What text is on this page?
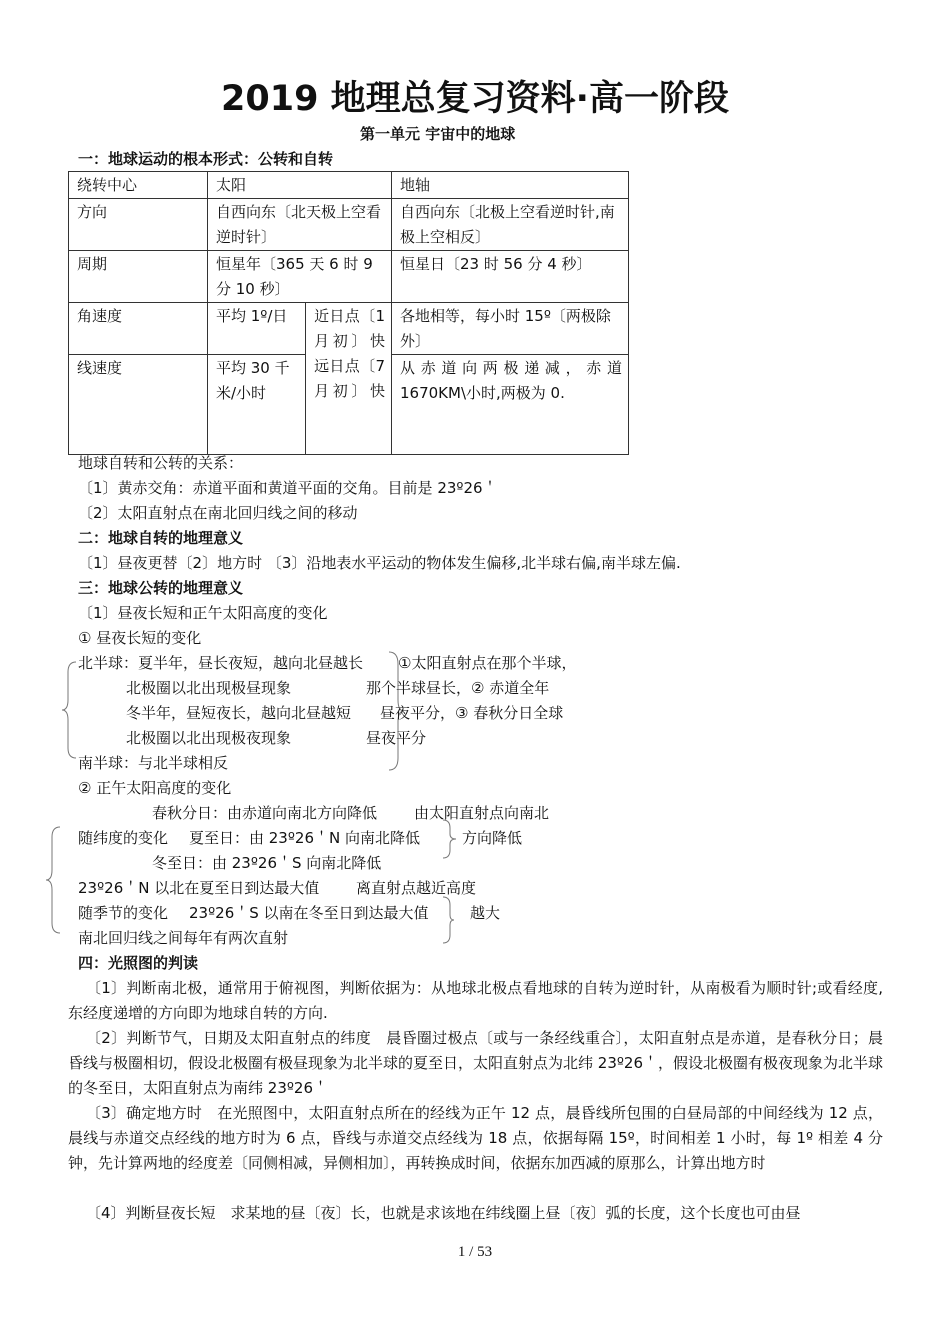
2019 地理总复习资料·高一阶段
第一单元 宇宙中的地球
一：地球运动的根本形式：公转和自转
绕转中心	太阳		地轴
方向	自西向东〔北天极上空看逆时针〕		自西向东〔北极上空看逆时针,南极上空相反〕
周期	恒星年〔365 天 6 时 9 分 10 秒〕		恒星日〔23 时 56 分 4 秒〕
角速度	平均 1º/日	近日点〔1月初〕快远日点〔7月初〕快	各地相等，每小时 15º〔两极除外〕
线速度	平均 30 千米/小时		从赤道向两极递减，赤道 1670KM\小时,两极为 0.
地球自转和公转的关系：
〔1〕黄赤交角：赤道平面和黄道平面的交角。目前是 23º26＇
〔2〕太阳直射点在南北回归线之间的移动
二：地球自转的地理意义
〔1〕昼夜更替〔2〕地方时 〔3〕沿地表水平运动的物体发生偏移,北半球右偏,南半球左偏.
三：地球公转的地理意义
〔1〕昼夜长短和正午太阳高度的变化
① 昼夜长短的变化
北半球：夏半年，昼长夜短，越向北昼越长
北极圈以北出现极昼现象
冬半年，昼短夜长，越向北昼越短
北极圈以北出现极夜现象
南半球：与北半球相反
①太阳直射点在那个半球，
那个半球昼长，② 赤道全年
昼夜平分，③ 春秋分日全球
昼夜平分
② 正午太阳高度的变化
春秋分日：由赤道向南北方向降低 由太阳直射点向南北
随纬度的变化 夏至日：由 23º26＇N 向南北降低	方向降低
冬至日：由 23º26＇S 向南北降低
23º26＇N 以北在夏至日到达最大值 离直射点越近高度
随季节的变化 23º26＇S 以南在冬至日到达最大值	越大
南北回归线之间每年有两次直射
四：光照图的判读
〔1〕判断南北极，通常用于俯视图，判断依据为：从地球北极点看地球的自转为逆时针，从南极看为顺时针;或看经度,东经度递增的方向即为地球自转的方向.
〔2〕判断节气，日期及太阳直射点的纬度　晨昏圈过极点〔或与一条经线重合〕，太阳直射点是赤道，是春秋分日；晨昏线与极圈相切，假设北极圈有极昼现象为北半球的夏至日，太阳直射点为北纬 23º26＇，假设北极圈有极夜现象为北半球的冬至日，太阳直射点为南纬 23º26＇
〔3〕确定地方时　在光照图中，太阳直射点所在的经线为正午 12 点，晨昏线所包围的白昼局部的中间经线为 12 点，晨线与赤道交点经线的地方时为 6 点，昏线与赤道交点经线为 18 点，依据每隔 15º，时间相差 1 小时，每 1º 相差 4 分钟，先计算两地的经度差〔同侧相减，异侧相加〕，再转换成时间，依据东加西减的原那么，计算出地方时
〔4〕判断昼夜长短　求某地的昼〔夜〕长，也就是求该地在纬线圈上昼〔夜〕弧的长度，这个长度也可由昼
1 / 53
